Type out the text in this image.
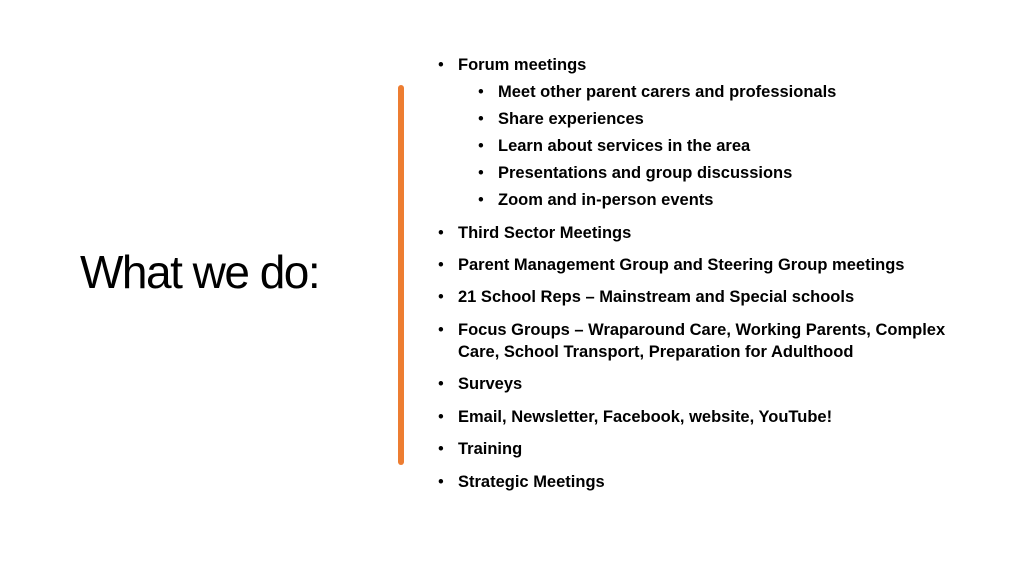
What we do:
• Forum meetings
• Meet other parent carers and professionals
• Share experiences
• Learn about services in the area
• Presentations and group discussions
• Zoom and in-person events
• Third Sector Meetings
• Parent Management Group and Steering Group meetings
• 21 School Reps – Mainstream and Special schools
• Focus Groups – Wraparound Care, Working Parents, Complex Care, School Transport, Preparation for Adulthood
• Surveys
• Email, Newsletter, Facebook, website, YouTube!
• Training
• Strategic Meetings
